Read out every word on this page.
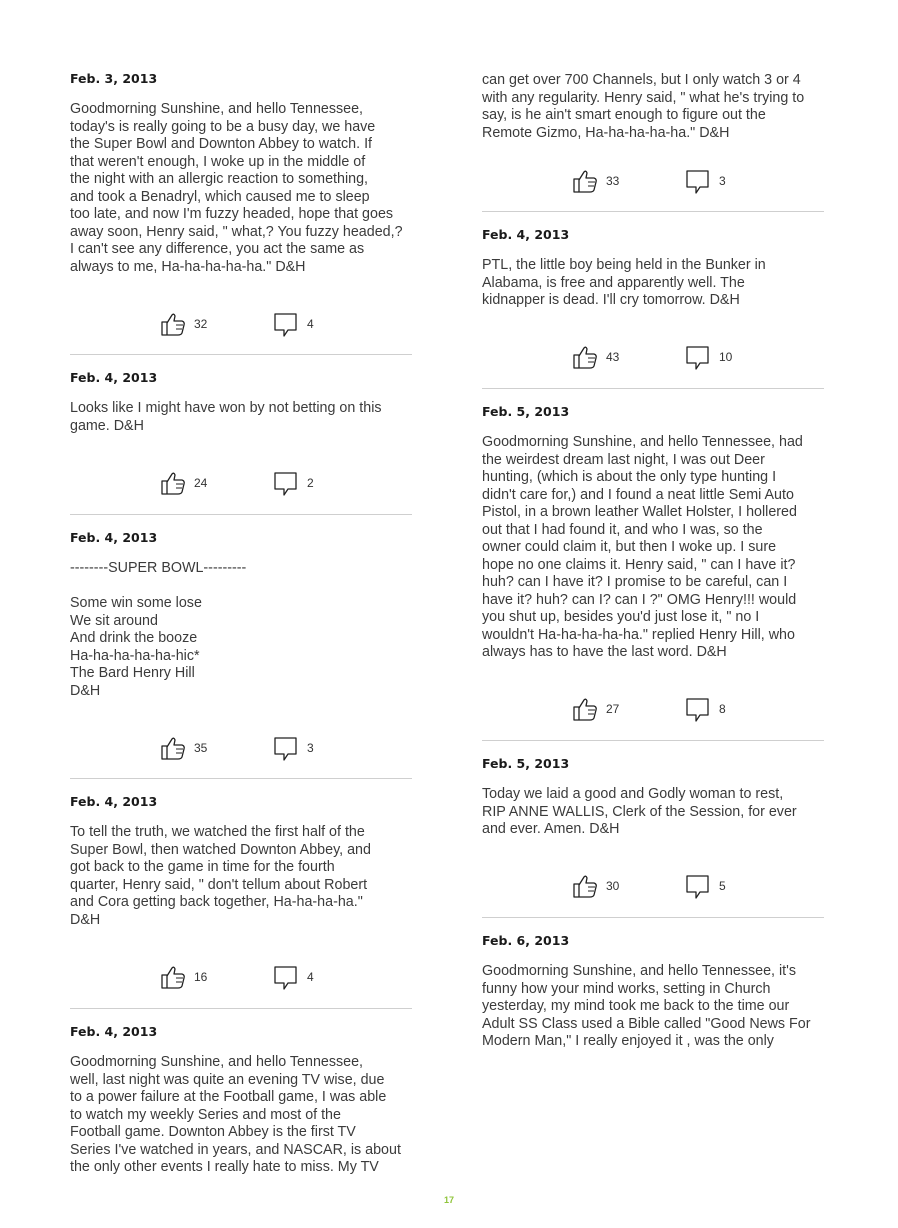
Feb. 3, 2013

Goodmorning Sunshine, and hello Tennessee,
today's is really going to be a busy day, we have
the Super Bowl and Downton Abbey to watch. If
that weren't enough, I woke up in the middle of
the night with an allergic reaction to something,
and took a Benadryl, which caused me to sleep
too late, and now I'm fuzzy headed, hope that goes
away soon, Henry said, " what,? You fuzzy headed,?
I can't see any difference, you act the same as
always to me, Ha-ha-ha-ha-ha." D&H
32	4

Feb. 4, 2013

Looks like I might have won by not betting on this
game. D&H
24	2

Feb. 4, 2013

--------SUPER BOWL---------

Some win some lose
We sit around
And drink the booze
Ha-ha-ha-ha-ha-hic*
The Bard Henry Hill
D&H
35	3

Feb. 4, 2013

To tell the truth, we watched the first half of the
Super Bowl, then watched Downton Abbey, and
got back to the game in time for the fourth
quarter, Henry said, " don't tellum about Robert
and Cora getting back together, Ha-ha-ha-ha."
D&H
16	4

Feb. 4, 2013

Goodmorning Sunshine, and hello Tennessee,
well, last night was quite an evening TV wise, due
to a power failure at the Football game, I was able
to watch my weekly Series and most of the
Football game. Downton Abbey is the first TV
Series I've watched in years, and NASCAR, is about
the only other events I really hate to miss. My TV
can get over 700 Channels, but I only watch 3 or 4
with any regularity. Henry said, " what he's trying to
say, is he ain't smart enough to figure out the
Remote Gizmo, Ha-ha-ha-ha-ha." D&H
33	3

Feb. 4, 2013

PTL, the little boy being held in the Bunker in
Alabama, is free and apparently well. The
kidnapper is dead. I'll cry tomorrow. D&H
43	10

Feb. 5, 2013

Goodmorning Sunshine, and hello Tennessee, had
the weirdest dream last night, I was out Deer
hunting, (which is about the only type hunting I
didn't care for,) and I found a neat little Semi Auto
Pistol, in a brown leather Wallet Holster, I hollered
out that I had found it, and who I was, so the
owner could claim it, but then I woke up. I sure
hope no one claims it. Henry said, " can I have it?
huh? can I have it? I promise to be careful, can I
have it? huh? can I? can I ?" OMG Henry!!! would
you shut up, besides you'd just lose it, " no I
wouldn't Ha-ha-ha-ha-ha." replied Henry Hill, who
always has to have the last word. D&H
27	8

Feb. 5, 2013

Today we laid a good and Godly woman to rest,
RIP ANNE WALLIS, Clerk of the Session, for ever
and ever. Amen. D&H
30	5

Feb. 6, 2013

Goodmorning Sunshine, and hello Tennessee, it's
funny how your mind works, setting in Church
yesterday, my mind took me back to the time our
Adult SS Class used a Bible called "Good News For
Modern Man," I really enjoyed it , was the only
17
